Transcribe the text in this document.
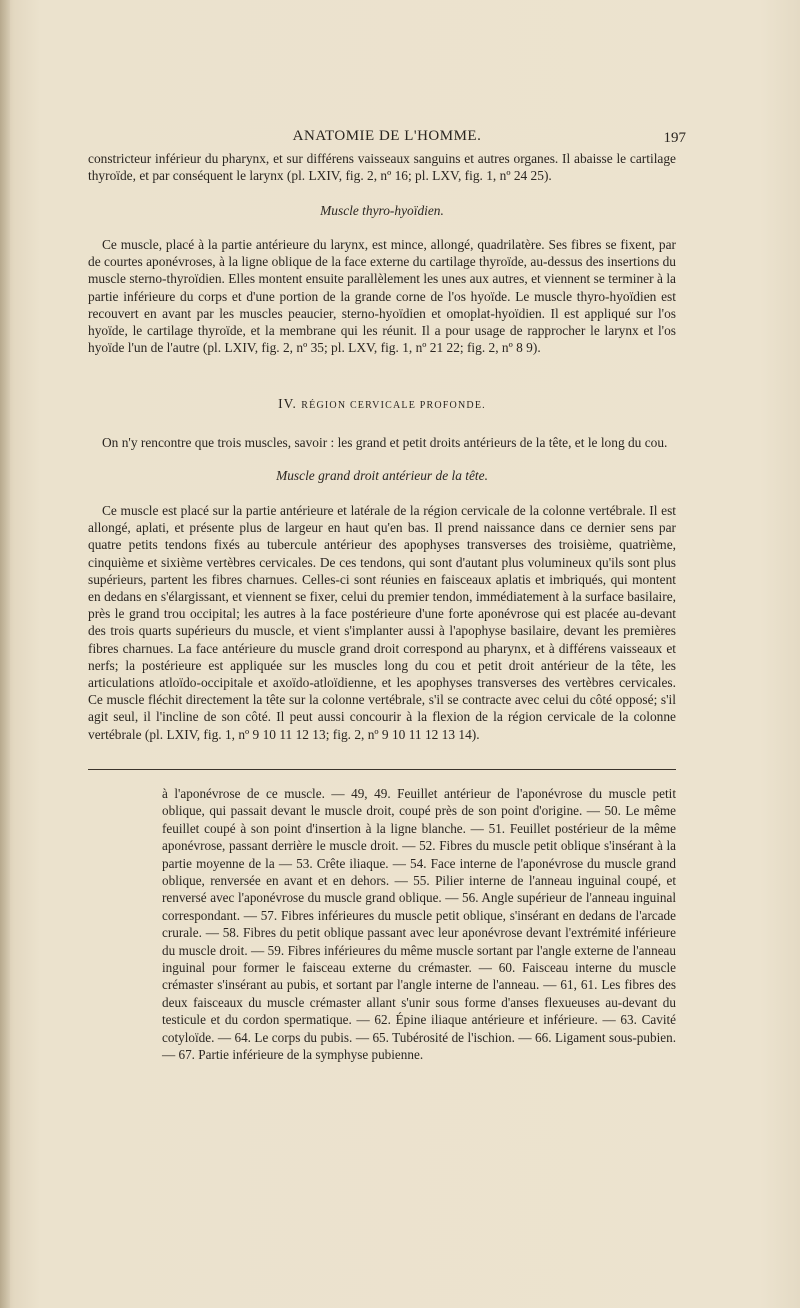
ANATOMIE DE L'HOMME.	197

constricteur inférieur du pharynx, et sur différens vaisseaux sanguins et autres organes. Il abaisse le cartilage thyroïde, et par conséquent le larynx (pl. LXIV, fig. 2, nº 16; pl. LXV, fig. 1, nº 24 25).

Muscle thyro-hyoïdien.

Ce muscle, placé à la partie antérieure du larynx, est mince, allongé, quadrilatère. Ses fibres se fixent, par de courtes aponévroses, à la ligne oblique de la face externe du cartilage thyroïde, au-dessus des insertions du muscle sterno-thyroïdien. Elles montent ensuite parallèlement les unes aux autres, et viennent se terminer à la partie inférieure du corps et d'une portion de la grande corne de l'os hyoïde. Le muscle thyro-hyoïdien est recouvert en avant par les muscles peaucier, sterno-hyoïdien et omoplat-hyoïdien. Il est appliqué sur l'os hyoïde, le cartilage thyroïde, et la membrane qui les réunit. Il a pour usage de rapprocher le larynx et l'os hyoïde l'un de l'autre (pl. LXIV, fig. 2, nº 35; pl. LXV, fig. 1, nº 21 22; fig. 2, nº 8 9).

IV. RÉGION CERVICALE PROFONDE.

On n'y rencontre que trois muscles, savoir : les grand et petit droits antérieurs de la tête, et le long du cou.

Muscle grand droit antérieur de la tête.

Ce muscle est placé sur la partie antérieure et latérale de la région cervicale de la colonne vertébrale. Il est allongé, aplati, et présente plus de largeur en haut qu'en bas. Il prend naissance dans ce dernier sens par quatre petits tendons fixés au tubercule antérieur des apophyses transverses des troisième, quatrième, cinquième et sixième vertèbres cervicales. De ces tendons, qui sont d'autant plus volumineux qu'ils sont plus supérieurs, partent les fibres charnues. Celles-ci sont réunies en faisceaux aplatis et imbriqués, qui montent en dedans en s'élargissant, et viennent se fixer, celui du premier tendon, immédiatement à la surface basilaire, près le grand trou occipital; les autres à la face postérieure d'une forte aponévrose qui est placée au-devant des trois quarts supérieurs du muscle, et vient s'implanter aussi à l'apophyse basilaire, devant les premières fibres charnues. La face antérieure du muscle grand droit correspond au pharynx, et à différens vaisseaux et nerfs; la postérieure est appliquée sur les muscles long du cou et petit droit antérieur de la tête, les articulations atloïdo-occipitale et axoïdo-atloïdienne, et les apophyses transverses des vertèbres cervicales. Ce muscle fléchit directement la tête sur la colonne vertébrale, s'il se contracte avec celui du côté opposé; s'il agit seul, il l'incline de son côté. Il peut aussi concourir à la flexion de la région cervicale de la colonne vertébrale (pl. LXIV, fig. 1, nº 9 10 11 12 13; fig. 2, nº 9 10 11 12 13 14).

à l'aponévrose de ce muscle. — 49, 49. Feuillet antérieur de l'aponévrose du muscle petit oblique, qui passait devant le muscle droit, coupé près de son point d'origine. — 50. Le même feuillet coupé à son point d'insertion à la ligne blanche. — 51. Feuillet postérieur de la même aponévrose, passant derrière le muscle droit. — 52. Fibres du muscle petit oblique s'insérant à la partie moyenne de la — 53. Crête iliaque. — 54. Face interne de l'aponévrose du muscle grand oblique, renversée en avant et en dehors. — 55. Pilier interne de l'anneau inguinal coupé, et renversé avec l'aponévrose du muscle grand oblique. — 56. Angle supérieur de l'anneau inguinal correspondant. — 57. Fibres inférieures du muscle petit oblique, s'insérant en dedans de l'arcade crurale. — 58. Fibres du petit oblique passant avec leur aponévrose devant l'extrémité inférieure du muscle droit. — 59. Fibres inférieures du même muscle sortant par l'angle externe de l'anneau inguinal pour former le faisceau externe du crémaster. — 60. Faisceau interne du muscle crémaster s'insérant au pubis, et sortant par l'angle interne de l'anneau. — 61, 61. Les fibres des deux faisceaux du muscle crémaster allant s'unir sous forme d'anses flexueuses au-devant du testicule et du cordon spermatique. — 62. Épine iliaque antérieure et inférieure. — 63. Cavité cotyloïde. — 64. Le corps du pubis. — 65. Tubérosité de l'ischion. — 66. Ligament sous-pubien. — 67. Partie inférieure de la symphyse pubienne.
